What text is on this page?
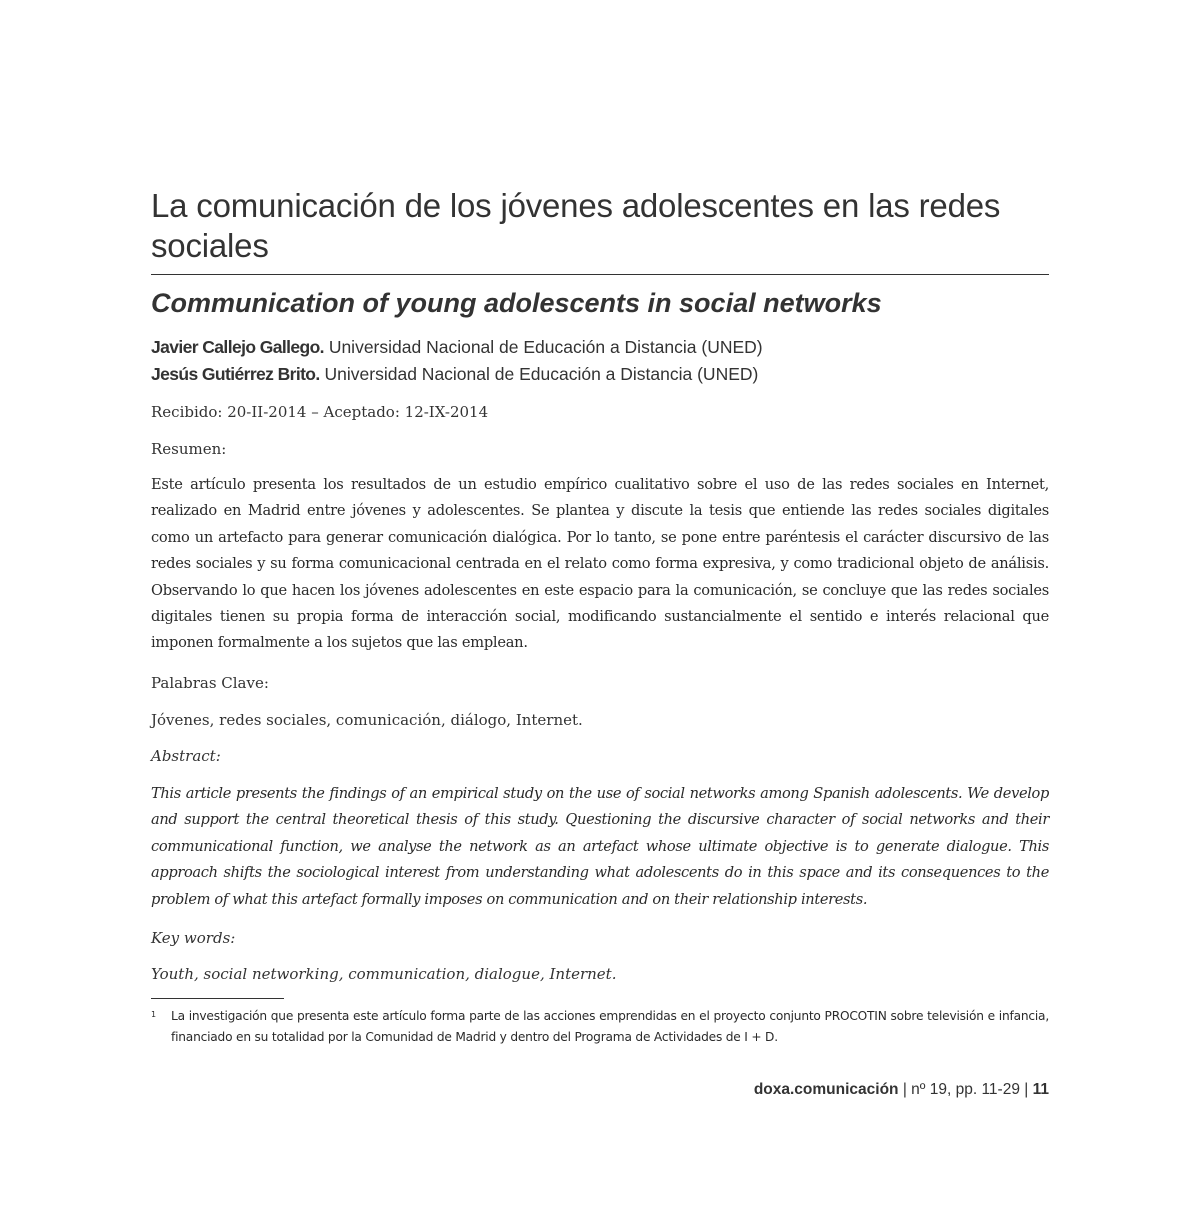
La comunicación de los jóvenes adolescentes en las redes sociales
Communication of young adolescents in social networks
Javier Callejo Gallego. Universidad Nacional de Educación a Distancia (UNED)
Jesús Gutiérrez Brito. Universidad Nacional de Educación a Distancia (UNED)
Recibido: 20-II-2014 – Aceptado: 12-IX-2014
Resumen:

Este artículo presenta los resultados de un estudio empírico cualitativo sobre el uso de las redes sociales en Internet, realizado en Madrid entre jóvenes y adolescentes. Se plantea y discute la tesis que entiende las redes sociales digitales como un artefacto para generar comunicación dialógica. Por lo tanto, se pone entre paréntesis el carácter discursivo de las redes sociales y su forma comunicacional centrada en el relato como forma expresiva, y como tradicional objeto de análisis. Observando lo que hacen los jóvenes adolescentes en este espacio para la comunicación, se concluye que las redes sociales digitales tienen su propia forma de interacción social, modificando sustancialmente el sentido e interés relacional que imponen formalmente a los sujetos que las emplean.

Palabras Clave:
Jóvenes, redes sociales, comunicación, diálogo, Internet.
Abstract:

This article presents the findings of an empirical study on the use of social networks among Spanish adolescents. We develop and support the central theoretical thesis of this study. Questioning the discursive character of social networks and their communicational function, we analyse the network as an artefact whose ultimate objective is to generate dialogue. This approach shifts the sociological interest from understanding what adolescents do in this space and its consequences to the problem of what this artefact formally imposes on communication and on their relationship interests.

Key words:
Youth, social networking, communication, dialogue, Internet.
1 La investigación que presenta este artículo forma parte de las acciones emprendidas en el proyecto conjunto PROCOTIN sobre televisión e infancia, financiado en su totalidad por la Comunidad de Madrid y dentro del Programa de Actividades de I + D.
doxa.comunicación | nº 19, pp. 11-29 | 11
